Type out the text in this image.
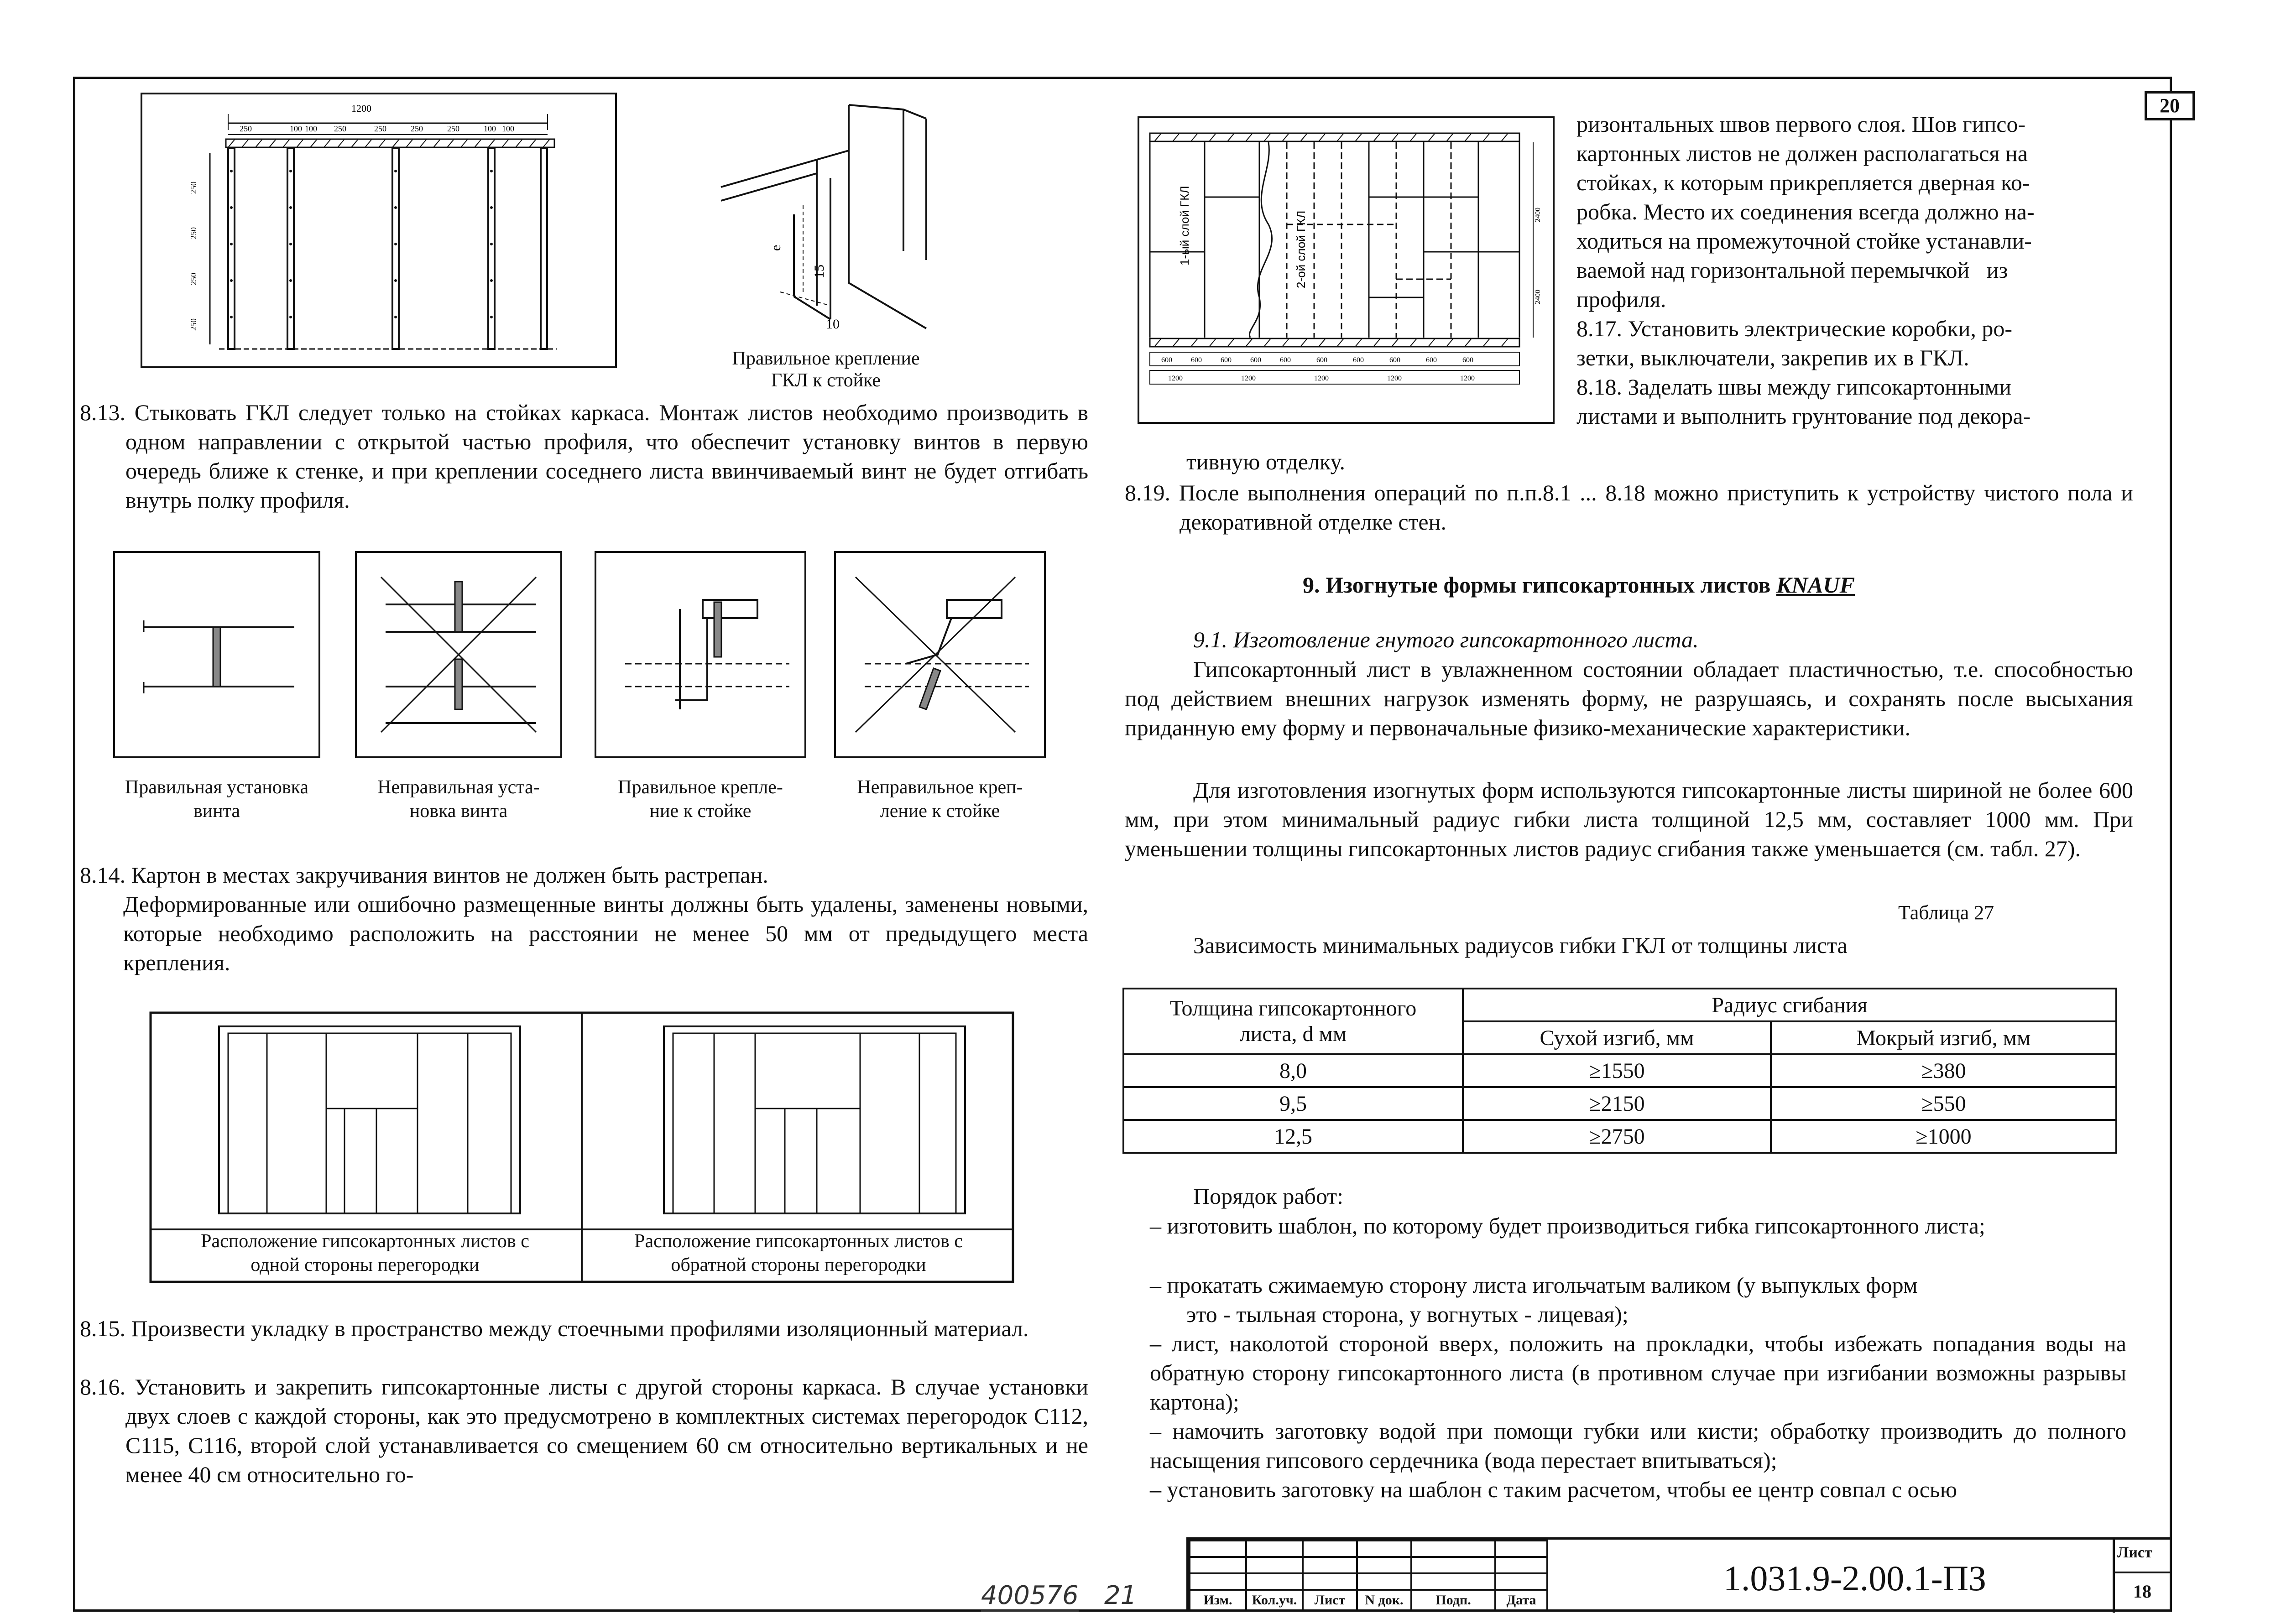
20
1200
250	100 100 250	250	250	250	100 100
250
250
250
250
e
15
10
Правильное крепление
ГКЛ к стойке
8.13. Стыковать ГКЛ следует только на стойках каркаса. Монтаж листов необходимо производить в одном направлении с открытой частью профиля, что обеспечит установку винтов в первую очередь ближе к стенке, и при креплении соседнего листа ввинчиваемый винт не будет отгибать внутрь полку профиля.
Правильная установка
винта
Неправильная уста-
новка винта
Правильное крепле-
ние к стойке
Неправильное креп-
ление к стойке
8.14. Картон в местах закручивания винтов не должен быть растрепан.
Деформированные или ошибочно размещенные винты должны быть удалены, заменены новыми, которые необходимо расположить на расстоянии не менее 50 мм от предыдущего места крепления.
Расположение гипсокартонных листов с
одной стороны перегородки
Расположение гипсокартонных листов с
обратной стороны перегородки
8.15. Произвести укладку в пространство между стоечными профилями изоляционный материал.
8.16. Установить и закрепить гипсокартонные листы с другой стороны каркаса. В случае установки двух слоев с каждой стороны, как это предусмотрено в комплектных системах перегородок С112, С115, С116, второй слой устанавливается со смещением 60 см относительно вертикальных и не менее 40 см относительно го-
1-ый слой ГКЛ	2-ой слой ГКЛ	2400
2400
600	600	600	600	600	600	600	600	600	600
1200	1200	1200	1200	1200
ризонтальных швов первого слоя. Шов гипсо-
картонных листов не должен располагаться на
стойках, к которым прикрепляется дверная ко-
робка. Место их соединения всегда должно на-
ходиться на промежуточной стойке устанавли-
ваемой над горизонтальной перемычкой   из
профиля.
8.17. Установить электрические коробки, ро-
зетки, выключатели, закрепив их в ГКЛ.
8.18. Заделать швы между гипсокартонными
листами и выполнить грунтование под декора-
тивную отделку.
8.19. После выполнения операций по п.п.8.1 ... 8.18 можно приступить к устройству чистого пола и декоративной отделке стен.
9. Изогнутые формы гипсокартонных листов KNAUF
9.1. Изготовление гнутого гипсокартонного листа.
Гипсокартонный лист в увлажненном состоянии обладает пластичностью, т.е. способностью под действием внешних нагрузок изменять форму, не разрушаясь, и сохранять после высыхания приданную ему форму и первоначальные физико-механические характеристики.
Для изготовления изогнутых форм используются гипсокартонные листы шириной не более 600 мм, при этом минимальный радиус гибки листа толщиной 12,5 мм, составляет 1000 мм. При уменьшении толщины гипсокартонных листов радиус сгибания также уменьшается (см. табл. 27).
Таблица 27
Зависимость минимальных радиусов гибки ГКЛ от толщины листа
Толщина гипсокартонного
листа, d мм	Радиус сгибания	
	Сухой изгиб, мм	Мокрый изгиб, мм
8,0	≥1550	≥380
9,5	≥2150	≥550
12,5	≥2750	≥1000
Порядок работ:
– изготовить шаблон, по которому будет производиться гибка гипсокартонного листа;
– прокатать сжимаемую сторону листа игольчатым валиком (у выпуклых форм
это - тыльная сторона, у вогнутых - лицевая);
– лист, наколотой стороной вверх, положить на прокладки, чтобы избежать попадания воды на обратную сторону гипсокартонного листа (в противном случае при изгибании возможны разрывы картона);
– намочить заготовку водой при помощи губки или кисти; обработку производить до полного насыщения гипсового сердечника (вода перестает впитываться);
– установить заготовку на шаблон с таким расчетом, чтобы ее центр совпал с осью

Изм.	Кол.уч.	Лист	N док.	Подп.	Дата
1.031.9-2.00.1-ПЗ
Лист
18
400576 21
